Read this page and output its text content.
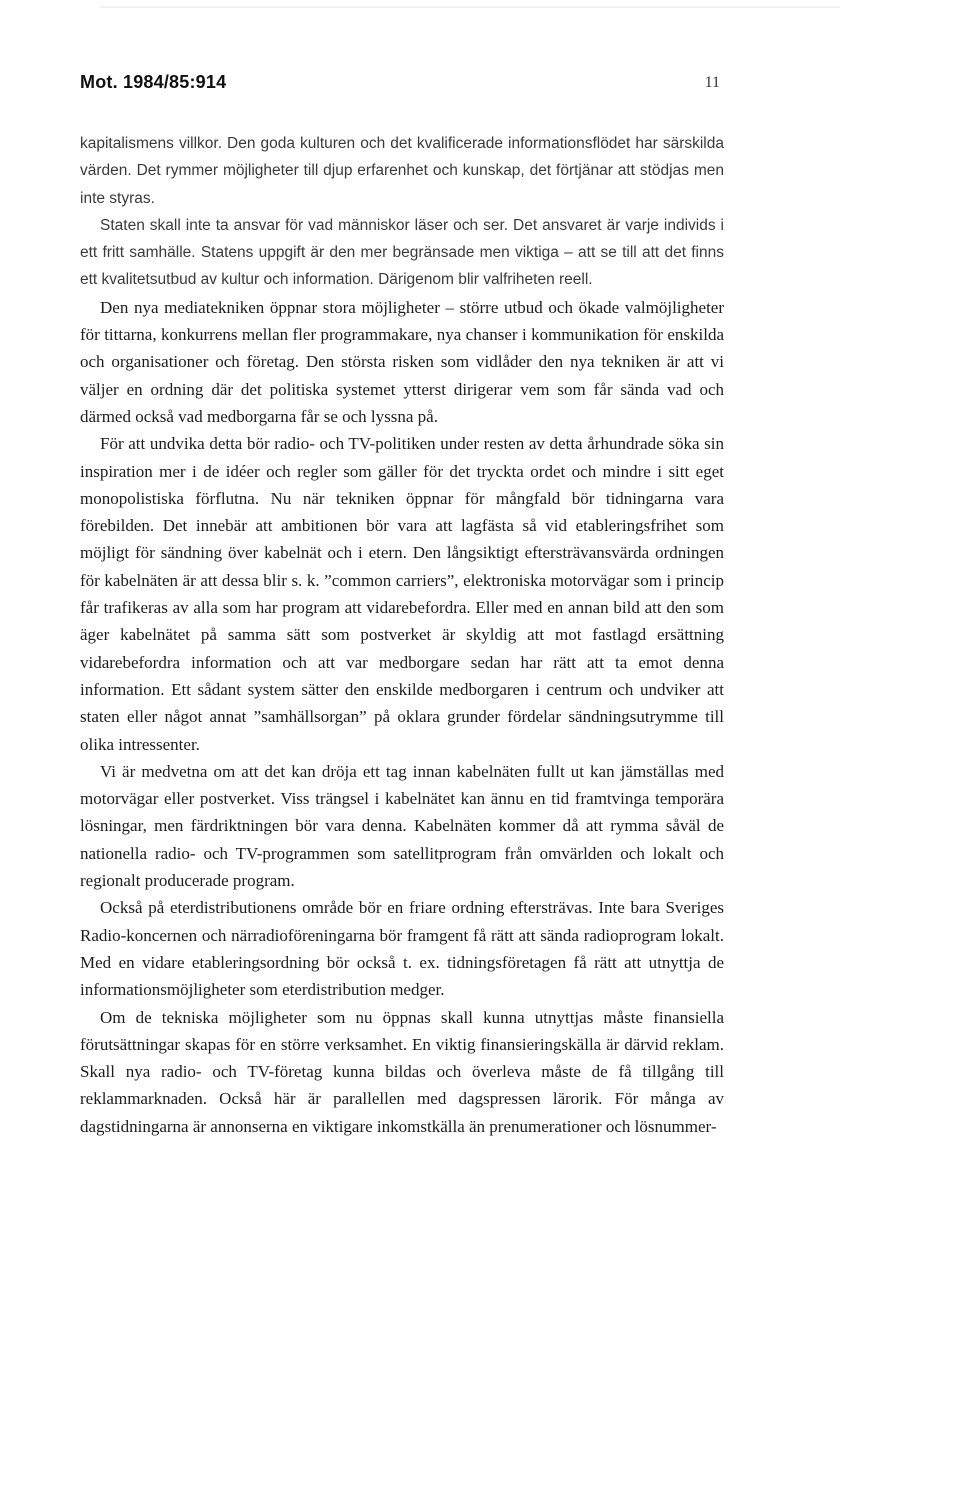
Mot. 1984/85:914	11

kapitalismens villkor. Den goda kulturen och det kvalificerade informationsflödet har särskilda värden. Det rymmer möjligheter till djup erfarenhet och kunskap, det förtjänar att stödjas men inte styras.

Staten skall inte ta ansvar för vad människor läser och ser. Det ansvaret är varje individs i ett fritt samhälle. Statens uppgift är den mer begränsade men viktiga – att se till att det finns ett kvalitetsutbud av kultur och information. Därigenom blir valfriheten reell.

Den nya mediatekniken öppnar stora möjligheter – större utbud och ökade valmöjligheter för tittarna, konkurrens mellan fler programmakare, nya chanser i kommunikation för enskilda och organisationer och företag. Den största risken som vidlåder den nya tekniken är att vi väljer en ordning där det politiska systemet ytterst dirigerar vem som får sända vad och därmed också vad medborgarna får se och lyssna på.

För att undvika detta bör radio- och TV-politiken under resten av detta århundrade söka sin inspiration mer i de idéer och regler som gäller för det tryckta ordet och mindre i sitt eget monopolistiska förflutna. Nu när tekniken öppnar för mångfald bör tidningarna vara förebilden. Det innebär att ambitionen bör vara att lagfästa så vid etableringsfrihet som möjligt för sändning över kabelnät och i etern. Den långsiktigt eftersträvansvärda ordningen för kabelnäten är att dessa blir s. k. ”common carriers”, elektroniska motorvägar som i princip får trafikeras av alla som har program att vidarebefordra. Eller med en annan bild att den som äger kabelnätet på samma sätt som postverket är skyldig att mot fastlagd ersättning vidarebefordra information och att var medborgare sedan har rätt att ta emot denna information. Ett sådant system sätter den enskilde medborgaren i centrum och undviker att staten eller något annat ”samhällsorgan” på oklara grunder fördelar sändningsutrymme till olika intressenter.

Vi är medvetna om att det kan dröja ett tag innan kabelnäten fullt ut kan jämställas med motorvägar eller postverket. Viss trängsel i kabelnätet kan ännu en tid framtvinga temporära lösningar, men färdriktningen bör vara denna. Kabelnäten kommer då att rymma såväl de nationella radio- och TV-programmen som satellitprogram från omvärlden och lokalt och regionalt producerade program.

Också på eterdistributionens område bör en friare ordning eftersträvas. Inte bara Sveriges Radio-koncernen och närradioföreningarna bör framgent få rätt att sända radioprogram lokalt. Med en vidare etableringsordning bör också t. ex. tidningsföretagen få rätt att utnyttja de informationsmöjligheter som eterdistribution medger.

Om de tekniska möjligheter som nu öppnas skall kunna utnyttjas måste finansiella förutsättningar skapas för en större verksamhet. En viktig finansieringskälla är därvid reklam. Skall nya radio- och TV-företag kunna bildas och överleva måste de få tillgång till reklammarknaden. Också här är parallellen med dagspressen lärorik. För många av dagstidningarna är annonserna en viktigare inkomstkälla än prenumerationer och lösnummer-
